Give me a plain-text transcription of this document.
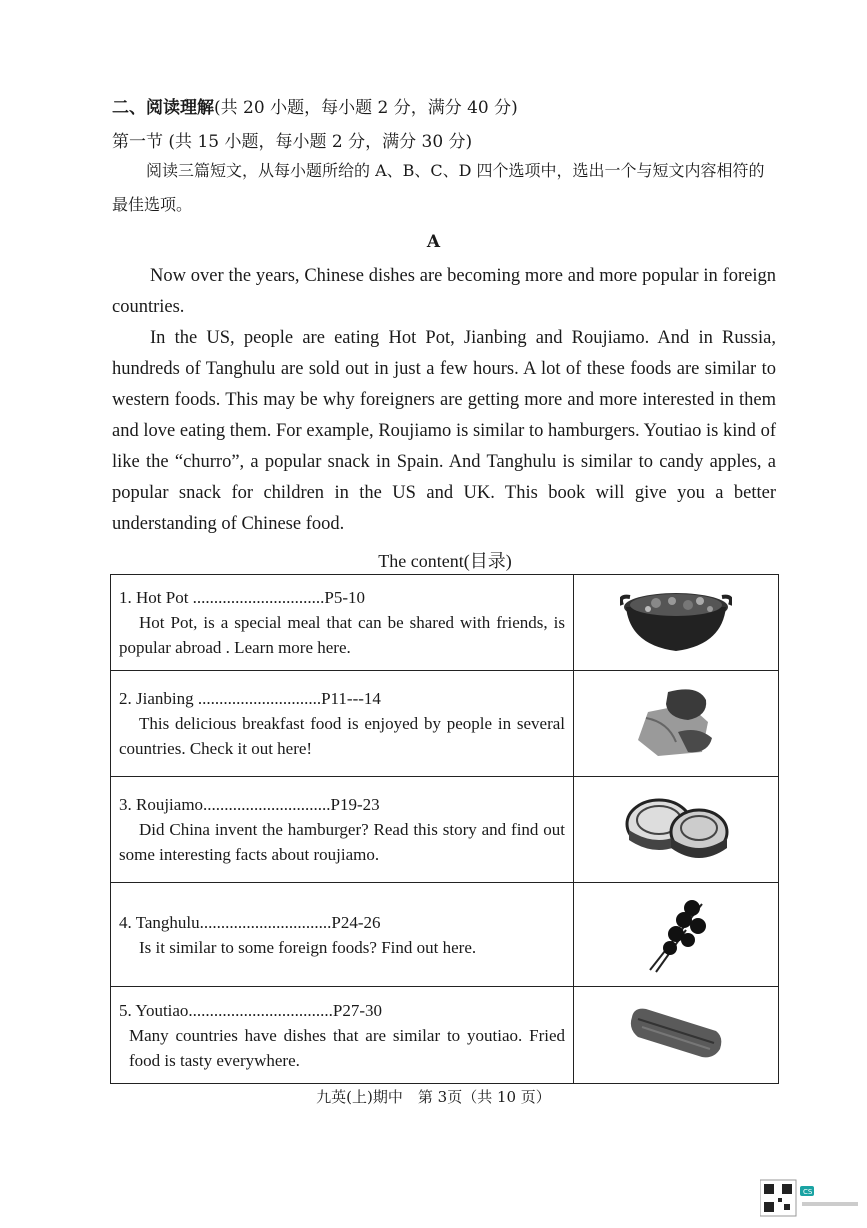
二、阅读理解(共 20 小题，每小题 2 分，满分 40 分)
第一节 (共 15 小题，每小题 2 分，满分 30 分)
阅读三篇短文，从每小题所给的 A、B、C、D 四个选项中，选出一个与短文内容相符的最佳选项。
A
Now over the years, Chinese dishes are becoming more and more popular in foreign countries.
In the US, people are eating Hot Pot, Jianbing and Roujiamo. And in Russia, hundreds of Tanghulu are sold out in just a few hours. A lot of these foods are similar to western foods. This may be why foreigners are getting more and more interested in them and love eating them. For example, Roujiamo is similar to hamburgers. Youtiao is kind of like the “churro”, a popular snack in Spain. And Tanghulu is similar to candy apples, a popular snack for children in the US and UK. This book will give you a better understanding of Chinese food.
The content(目录)
1. Hot Pot ...............................P5-10
Hot Pot, is a special meal that can be shared with friends, is popular abroad . Learn more here.

2. Jianbing .............................P11---14
This delicious breakfast food is enjoyed by people in several countries. Check it out here!

3. Roujiamo..............................P19-23
Did China invent the hamburger? Read this story and find out some interesting facts about roujiamo.

4. Tanghulu...............................P24-26
Is it similar to some foreign foods? Find out here.

5. Youtiao..................................P27-30
Many countries have dishes that are similar to youtiao. Fried food is tasty everywhere.

九英(上)期中　第 3页（共 10 页）
CS
